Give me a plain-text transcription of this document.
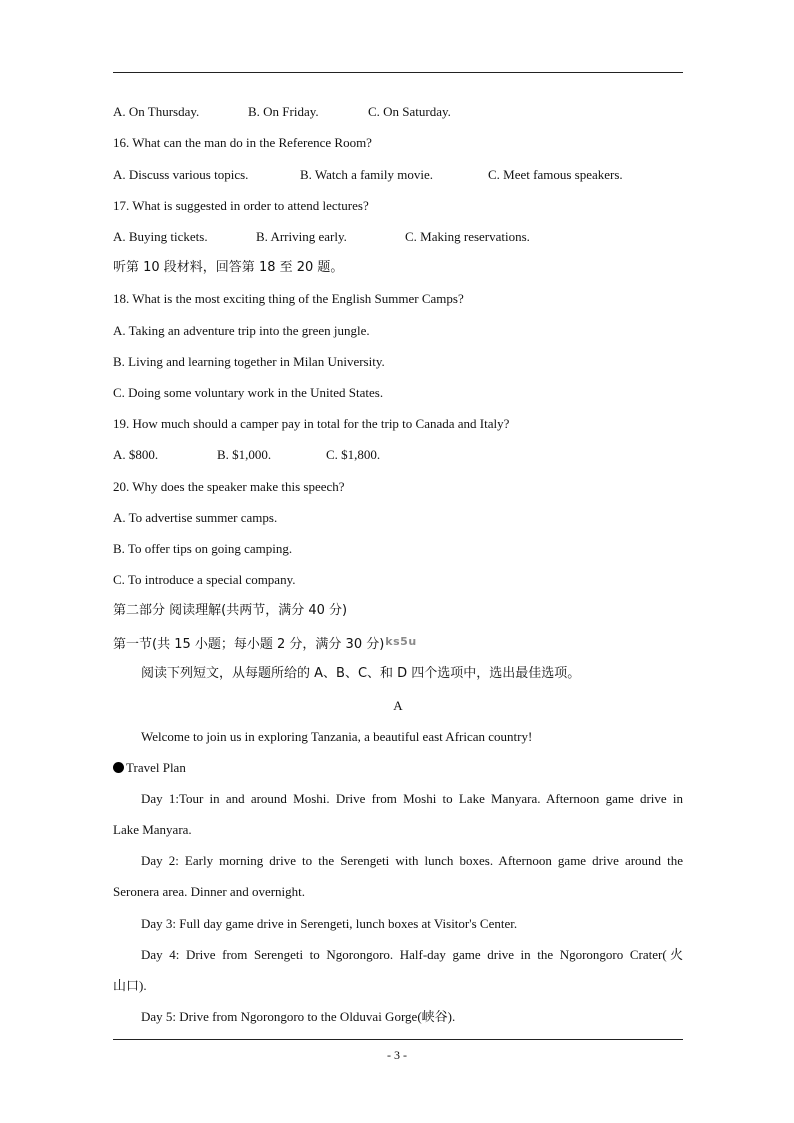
A. On Thursday.	B. On Friday.	C. On Saturday.
16. What can the man do in the Reference Room?
A. Discuss various topics.	B. Watch a family movie.	C. Meet famous speakers.
17. What is suggested in order to attend lectures?
A. Buying tickets.	B. Arriving early.	C. Making reservations.
听第 10 段材料，回答第 18 至 20 题。
18. What is the most exciting thing of the English Summer Camps?
A. Taking an adventure trip into the green jungle.
B. Living and learning together in Milan University.
C. Doing some voluntary work in the United States.
19. How much should a camper pay in total for the trip to Canada and Italy?
A. $800.	B. $1,000.	C. $1,800.
20. Why does the speaker make this speech?
A. To advertise summer camps.
B. To offer tips on going camping.
C. To introduce a special company.
第二部分 阅读理解(共两节，满分 40 分)
第一节(共 15 小题；每小题 2 分，满分 30 分)ks5u
阅读下列短文，从每题所给的 A、B、C、和 D 四个选项中，选出最佳选项。
A
Welcome to join us in exploring Tanzania, a beautiful east African country!
Travel Plan
Day 1:Tour in and around Moshi. Drive from Moshi to Lake Manyara. Afternoon game drive in
Lake Manyara.
Day 2: Early morning drive to the Serengeti with lunch boxes. Afternoon game drive around the
Seronera area. Dinner and overnight.
Day 3: Full day game drive in Serengeti, lunch boxes at Visitor's Center.
Day 4: Drive from Serengeti to Ngorongoro. Half-day game drive in the Ngorongoro Crater(火
山口).
Day 5: Drive from Ngorongoro to the Olduvai Gorge(峡谷).
- 3 -
